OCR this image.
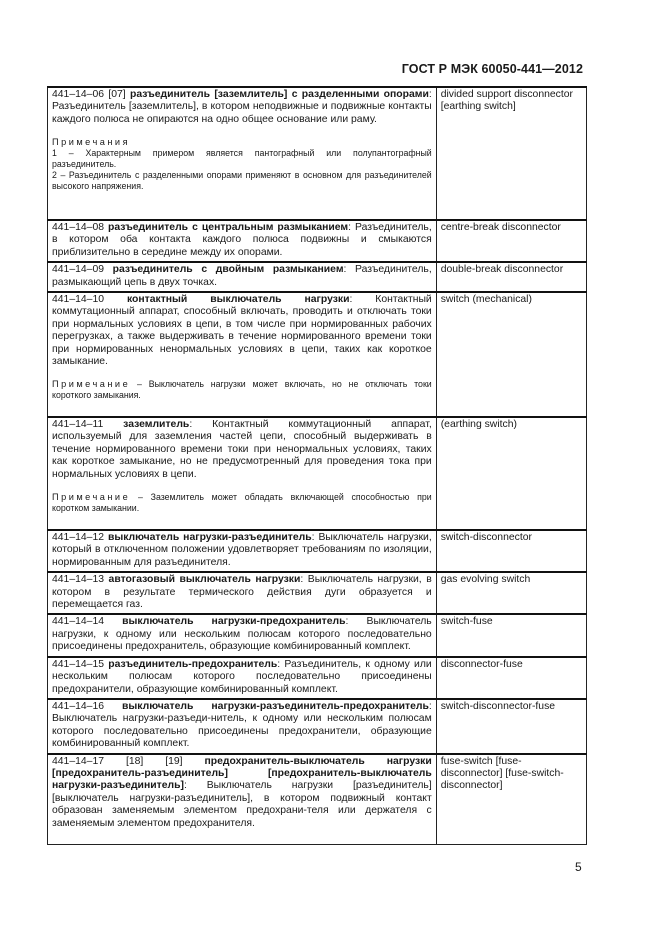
ГОСТ Р МЭК 60050-441—2012
441–14–06 [07] разъединитель [заземлитель] с разделенными опорами: Разъединитель [заземлитель], в котором неподвижные и подвижные контакты каждого полюса не опираются на одно общее основание или раму.

Примечания

1 – Характерным примером является пантографный или полупантографный разъединитель.

2 – Разъединитель с разделенными опорами применяют в основном для разъединителей высокого напряжения.	divided support disconnector [earthing switch]
441–14–08 разъединитель с центральным размыканием: Разъединитель, в котором оба контакта каждого полюса подвижны и смыкаются приблизительно в середине между их опорами.	centre-break disconnector
441–14–09 разъединитель с двойным размыканием: Разъединитель, размыкающий цепь в двух точках.	double-break disconnector
441–14–10 контактный выключатель нагрузки: Контактный коммутационный аппарат, способный включать, проводить и отключать токи при нормальных условиях в цепи, в том числе при нормированных рабочих перегрузках, а также выдерживать в течение нормированного времени токи при нормированных ненормальных условиях в цепи, таких как короткое замыкание.
Примечание – Выключатель нагрузки может включать, но не отключать токи короткого замыкания.	switch (mechanical)
441–14–11 заземлитель: Контактный коммутационный аппарат, используемый для заземления частей цепи, способный выдерживать в течение нормированного времени токи при ненормальных условиях, таких как короткое замыкание, но не предусмотренный для проведения тока при нормальных условиях в цепи.
Примечание – Заземлитель может обладать включающей способностью при коротком замыкании.	(earthing switch)
441–14–12 выключатель нагрузки-разъединитель: Выключатель нагрузки, который в отключенном положении удовлетворяет требованиям по изоляции, нормированным для разъединителя.	switch-disconnector
441–14–13 автогазовый выключатель нагрузки: Выключатель нагрузки, в котором в результате термического действия дуги образуется и перемещается газ.	gas evolving switch
441–14–14 выключатель нагрузки-предохранитель: Выключатель нагрузки, к одному или нескольким полюсам которого последовательно присоединены предохранитель, образующие комбинированный комплект.	switch-fuse
441–14–15 разъединитель-предохранитель: Разъединитель, к одному или нескольким полюсам которого последовательно присоединены предохранители, образующие комбинированный комплект.	disconnector-fuse
441–14–16 выключатель нагрузки-разъединитель-предохранитель: Выключатель нагрузки-разъеди-нитель, к одному или нескольким полюсам которого последовательно присоединены предохранители, образующие комбинированный комплект.	switch-disconnector-fuse
441–14–17 [18] [19] предохранитель-выключатель нагрузки [предохранитель-разъединитель] [предохранитель-выключатель нагрузки-разъединитель]: Выключатель нагрузки [разъединитель] [выключатель нагрузки-разъединитель], в котором подвижный контакт образован заменяемым элементом предохрани-теля или держателя с заменяемым элементом предохранителя.	fuse-switch [fuse-disconnector] [fuse-switch-disconnector]
5
